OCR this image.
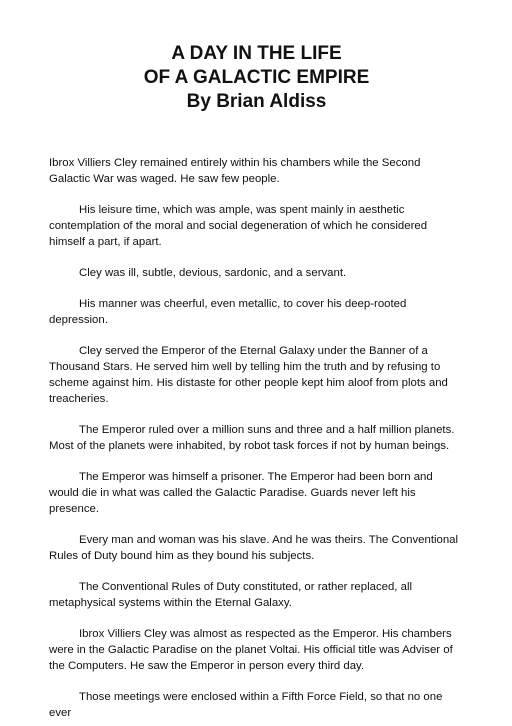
A DAY IN THE LIFE
OF A GALACTIC EMPIRE
By Brian Aldiss

Ibrox Villiers Cley remained entirely within his chambers while the Second Galactic War was waged. He saw few people.

His leisure time, which was ample, was spent mainly in aesthetic contemplation of the moral and social degeneration of which he considered himself a part, if apart.

Cley was ill, subtle, devious, sardonic, and a servant.

His manner was cheerful, even metallic, to cover his deep-rooted depression.

Cley served the Emperor of the Eternal Galaxy under the Banner of a Thousand Stars. He served him well by telling him the truth and by refusing to scheme against him. His distaste for other people kept him aloof from plots and treacheries.

The Emperor ruled over a million suns and three and a half million planets. Most of the planets were inhabited, by robot task forces if not by human beings.

The Emperor was himself a prisoner. The Emperor had been born and would die in what was called the Galactic Paradise. Guards never left his presence.

Every man and woman was his slave. And he was theirs. The Conventional Rules of Duty bound him as they bound his subjects.

The Conventional Rules of Duty constituted, or rather replaced, all metaphysical systems within the Eternal Galaxy.

Ibrox Villiers Cley was almost as respected as the Emperor. His chambers were in the Galactic Paradise on the planet Voltai. His official title was Adviser of the Computers. He saw the Emperor in person every third day.

Those meetings were enclosed within a Fifth Force Field, so that no one ever
